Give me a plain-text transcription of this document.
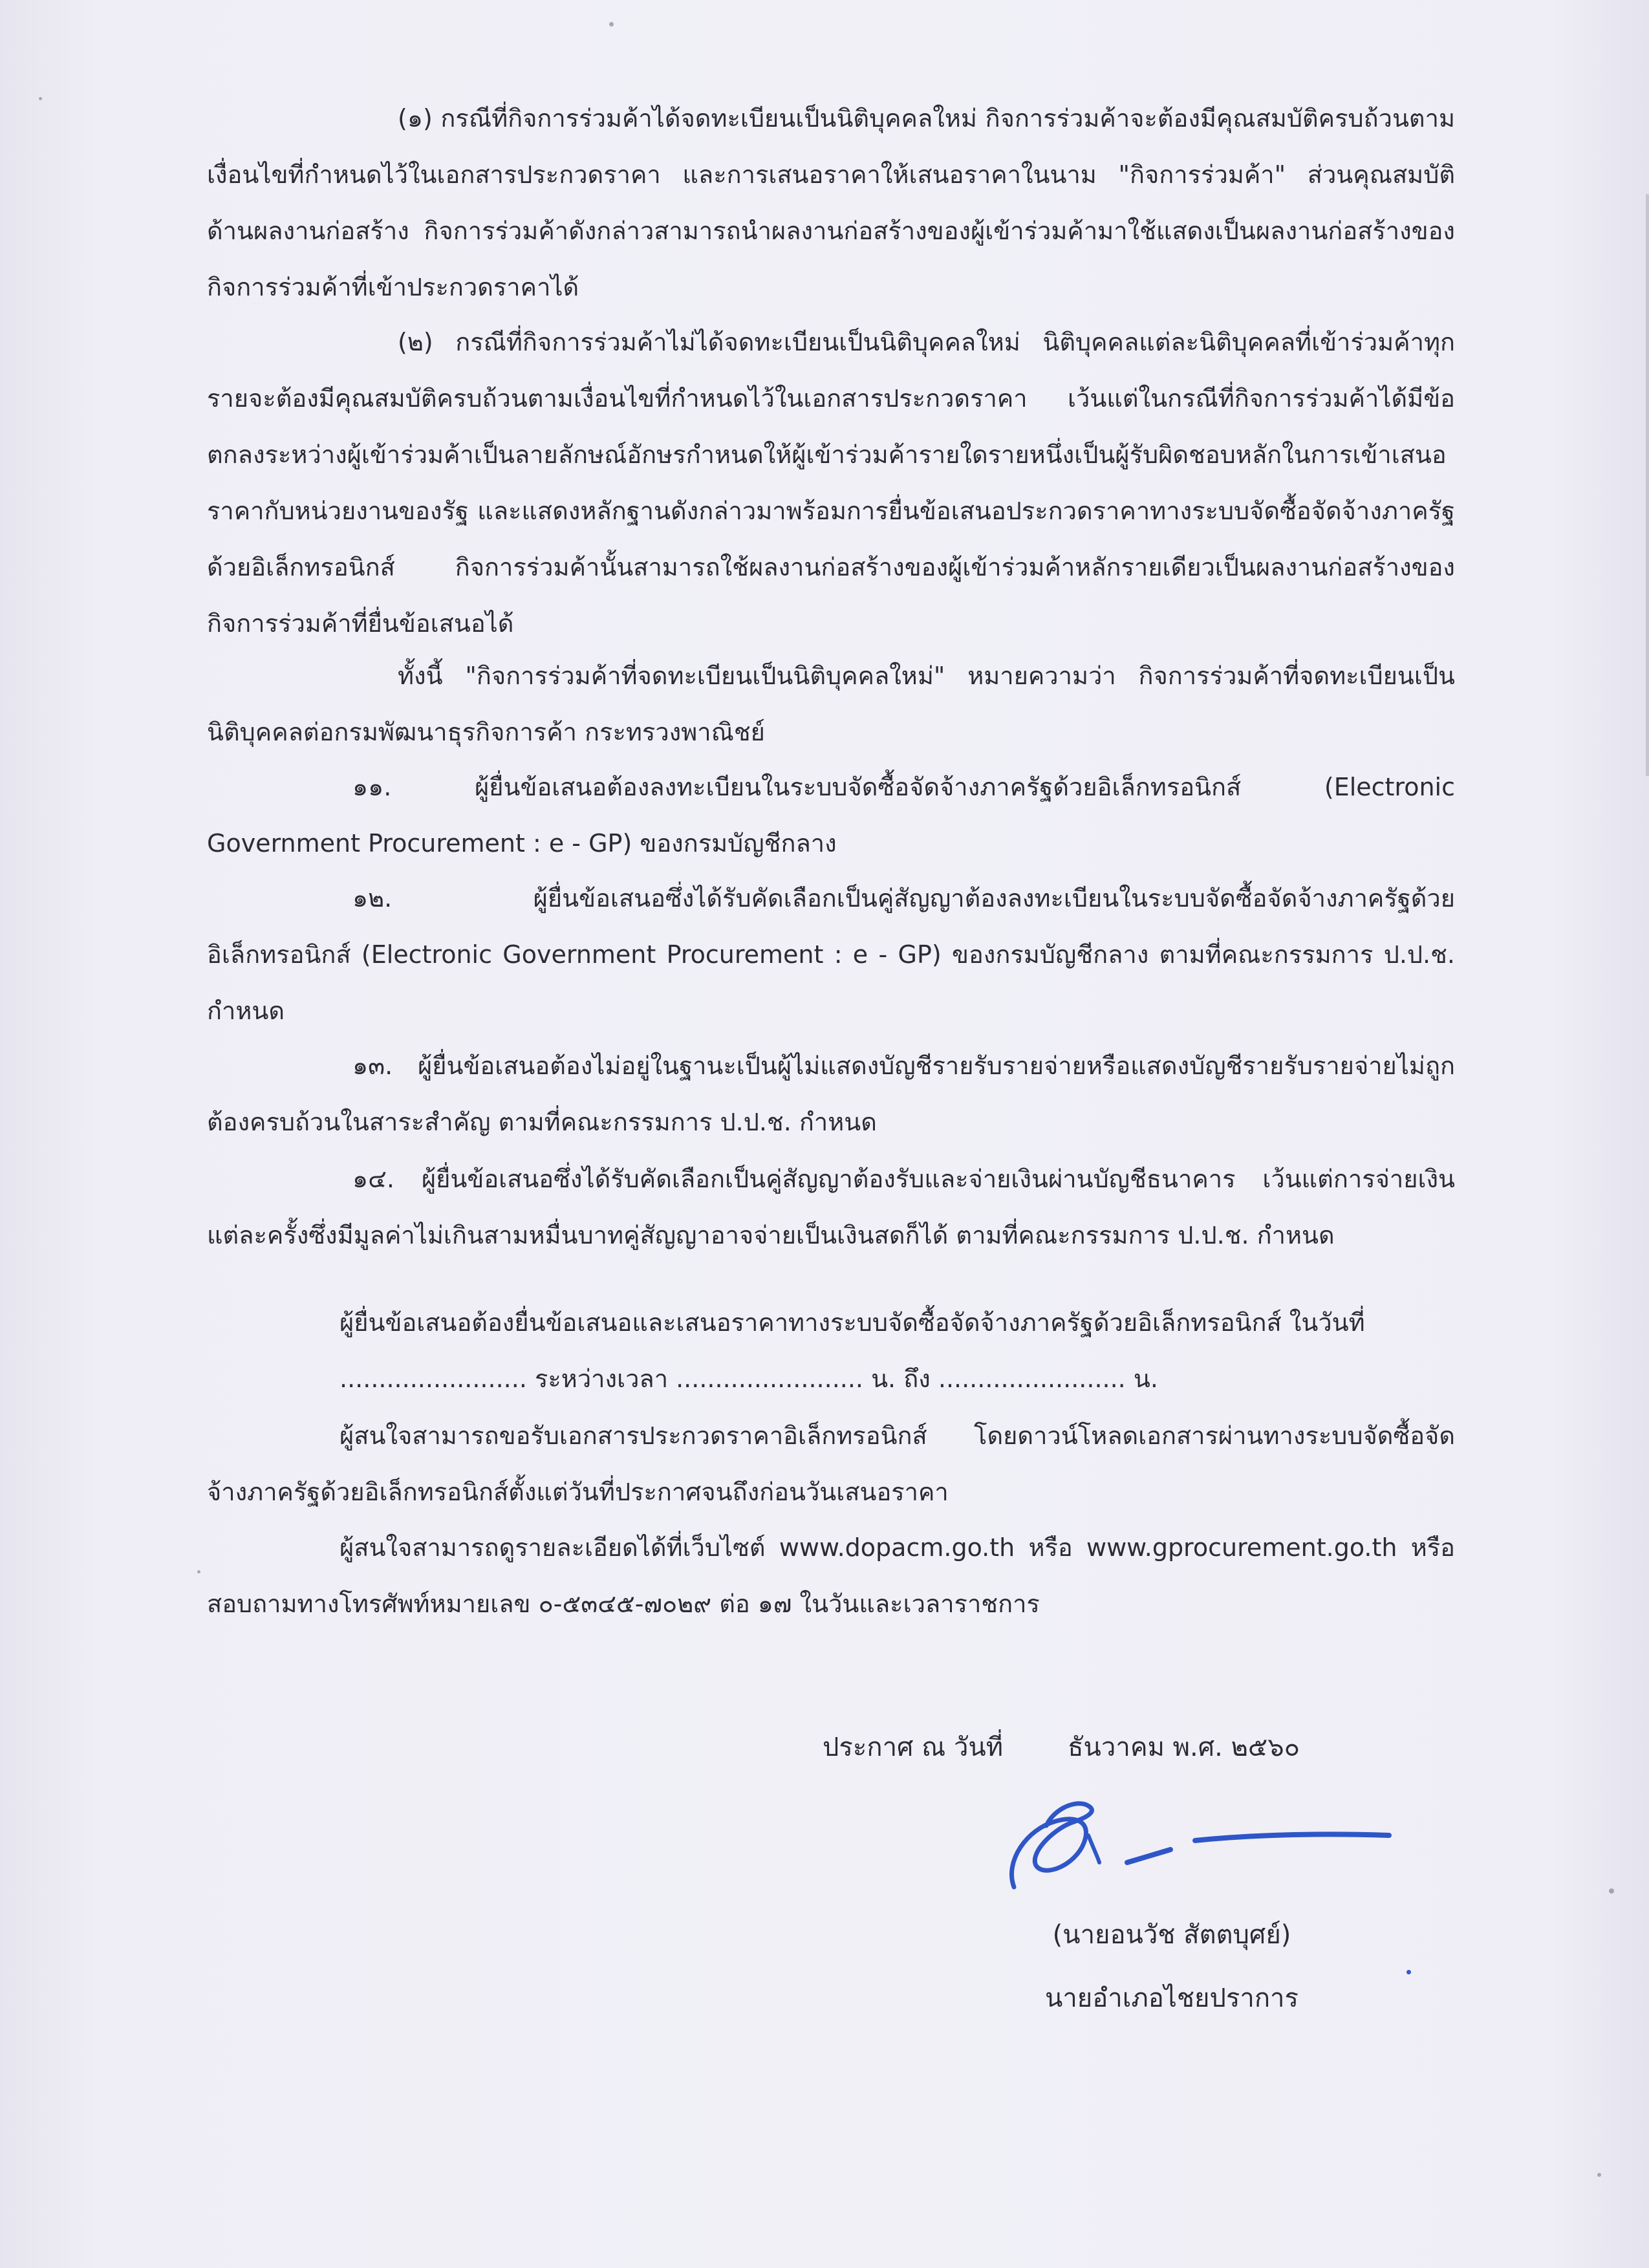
(๑) กรณีที่กิจการร่วมค้าได้จดทะเบียนเป็นนิติบุคคลใหม่ กิจการร่วมค้าจะต้องมีคุณสมบัติครบถ้วนตามเงื่อนไขที่กำหนดไว้ในเอกสารประกวดราคา และการเสนอราคาให้เสนอราคาในนาม "กิจการร่วมค้า" ส่วนคุณสมบัติด้านผลงานก่อสร้าง กิจการร่วมค้าดังกล่าวสามารถนำผลงานก่อสร้างของผู้เข้าร่วมค้ามาใช้แสดงเป็นผลงานก่อสร้างของกิจการร่วมค้าที่เข้าประกวดราคาได้
(๒) กรณีที่กิจการร่วมค้าไม่ได้จดทะเบียนเป็นนิติบุคคลใหม่ นิติบุคคลแต่ละนิติบุคคลที่เข้าร่วมค้าทุกรายจะต้องมีคุณสมบัติครบถ้วนตามเงื่อนไขที่กำหนดไว้ในเอกสารประกวดราคา เว้นแต่ในกรณีที่กิจการร่วมค้าได้มีข้อตกลงระหว่างผู้เข้าร่วมค้าเป็นลายลักษณ์อักษรกำหนดให้ผู้เข้าร่วมค้ารายใดรายหนึ่งเป็นผู้รับผิดชอบหลักในการเข้าเสนอราคากับหน่วยงานของรัฐ และแสดงหลักฐานดังกล่าวมาพร้อมการยื่นข้อเสนอประกวดราคาทางระบบจัดซื้อจัดจ้างภาครัฐด้วยอิเล็กทรอนิกส์ กิจการร่วมค้านั้นสามารถใช้ผลงานก่อสร้างของผู้เข้าร่วมค้าหลักรายเดียวเป็นผลงานก่อสร้างของกิจการร่วมค้าที่ยื่นข้อเสนอได้
ทั้งนี้ "กิจการร่วมค้าที่จดทะเบียนเป็นนิติบุคคลใหม่" หมายความว่า กิจการร่วมค้าที่จดทะเบียนเป็นนิติบุคคลต่อกรมพัฒนาธุรกิจการค้า กระทรวงพาณิชย์
๑๑. ผู้ยื่นข้อเสนอต้องลงทะเบียนในระบบจัดซื้อจัดจ้างภาครัฐด้วยอิเล็กทรอนิกส์ (Electronic Government Procurement : e - GP) ของกรมบัญชีกลาง
๑๒. ผู้ยื่นข้อเสนอซึ่งได้รับคัดเลือกเป็นคู่สัญญาต้องลงทะเบียนในระบบจัดซื้อจัดจ้างภาครัฐด้วยอิเล็กทรอนิกส์ (Electronic Government Procurement : e - GP) ของกรมบัญชีกลาง ตามที่คณะกรรมการ ป.ป.ช. กำหนด
๑๓. ผู้ยื่นข้อเสนอต้องไม่อยู่ในฐานะเป็นผู้ไม่แสดงบัญชีรายรับรายจ่ายหรือแสดงบัญชีรายรับรายจ่ายไม่ถูกต้องครบถ้วนในสาระสำคัญ ตามที่คณะกรรมการ ป.ป.ช. กำหนด
๑๔. ผู้ยื่นข้อเสนอซึ่งได้รับคัดเลือกเป็นคู่สัญญาต้องรับและจ่ายเงินผ่านบัญชีธนาคาร เว้นแต่การจ่ายเงินแต่ละครั้งซึ่งมีมูลค่าไม่เกินสามหมื่นบาทคู่สัญญาอาจจ่ายเป็นเงินสดก็ได้ ตามที่คณะกรรมการ ป.ป.ช. กำหนด
ผู้ยื่นข้อเสนอต้องยื่นข้อเสนอและเสนอราคาทางระบบจัดซื้อจัดจ้างภาครัฐด้วยอิเล็กทรอนิกส์ ในวันที่
........................ ระหว่างเวลา ........................ น. ถึง ........................ น.
ผู้สนใจสามารถขอรับเอกสารประกวดราคาอิเล็กทรอนิกส์ โดยดาวน์โหลดเอกสารผ่านทางระบบจัดซื้อจัดจ้างภาครัฐด้วยอิเล็กทรอนิกส์ตั้งแต่วันที่ประกาศจนถึงก่อนวันเสนอราคา
ผู้สนใจสามารถดูรายละเอียดได้ที่เว็บไซต์ www.dopacm.go.th หรือ www.gprocurement.go.th หรือสอบถามทางโทรศัพท์หมายเลข ๐-๕๓๔๕-๗๐๒๙ ต่อ ๑๗ ในวันและเวลาราชการ
ประกาศ ณ วันที่	ธันวาคม พ.ศ. ๒๕๖๐
(นายอนวัช สัตตบุศย์)
นายอำเภอไชยปราการ
